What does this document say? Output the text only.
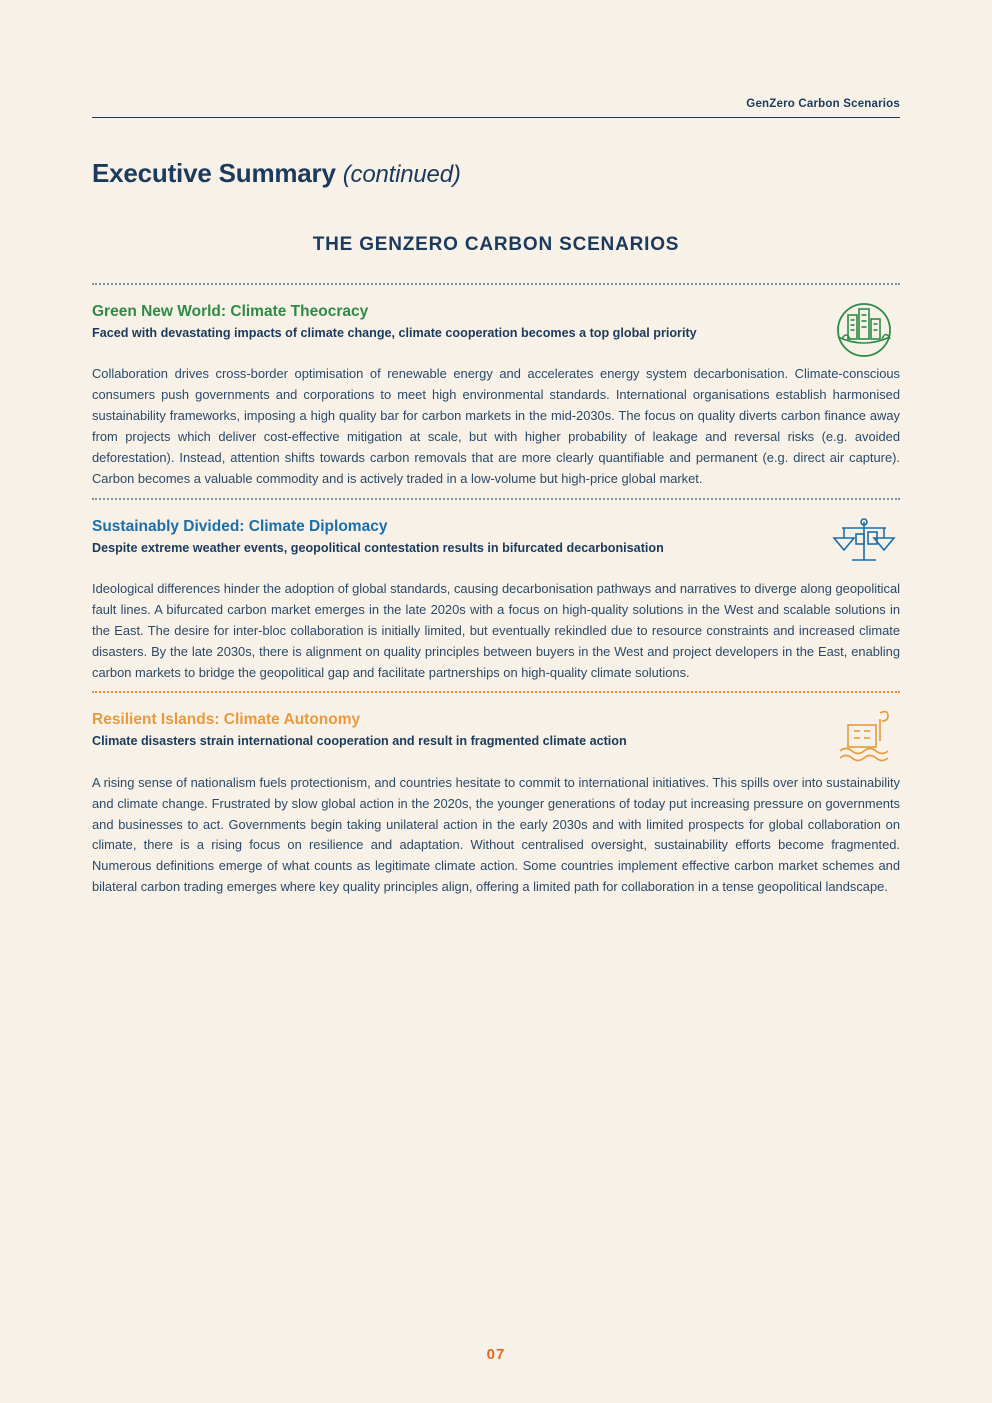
GenZero Carbon Scenarios
Executive Summary (continued)
THE GENZERO CARBON SCENARIOS
Green New World: Climate Theocracy
Faced with devastating impacts of climate change, climate cooperation becomes a top global priority
Collaboration drives cross-border optimisation of renewable energy and accelerates energy system decarbonisation. Climate-conscious consumers push governments and corporations to meet high environmental standards. International organisations establish harmonised sustainability frameworks, imposing a high quality bar for carbon markets in the mid-2030s. The focus on quality diverts carbon finance away from projects which deliver cost-effective mitigation at scale, but with higher probability of leakage and reversal risks (e.g. avoided deforestation). Instead, attention shifts towards carbon removals that are more clearly quantifiable and permanent (e.g. direct air capture). Carbon becomes a valuable commodity and is actively traded in a low-volume but high-price global market.
Sustainably Divided: Climate Diplomacy
Despite extreme weather events, geopolitical contestation results in bifurcated decarbonisation
Ideological differences hinder the adoption of global standards, causing decarbonisation pathways and narratives to diverge along geopolitical fault lines. A bifurcated carbon market emerges in the late 2020s with a focus on high-quality solutions in the West and scalable solutions in the East. The desire for inter-bloc collaboration is initially limited, but eventually rekindled due to resource constraints and increased climate disasters. By the late 2030s, there is alignment on quality principles between buyers in the West and project developers in the East, enabling carbon markets to bridge the geopolitical gap and facilitate partnerships on high-quality climate solutions.
Resilient Islands: Climate Autonomy
Climate disasters strain international cooperation and result in fragmented climate action
A rising sense of nationalism fuels protectionism, and countries hesitate to commit to international initiatives. This spills over into sustainability and climate change. Frustrated by slow global action in the 2020s, the younger generations of today put increasing pressure on governments and businesses to act. Governments begin taking unilateral action in the early 2030s and with limited prospects for global collaboration on climate, there is a rising focus on resilience and adaptation. Without centralised oversight, sustainability efforts become fragmented. Numerous definitions emerge of what counts as legitimate climate action. Some countries implement effective carbon market schemes and bilateral carbon trading emerges where key quality principles align, offering a limited path for collaboration in a tense geopolitical landscape.
07
